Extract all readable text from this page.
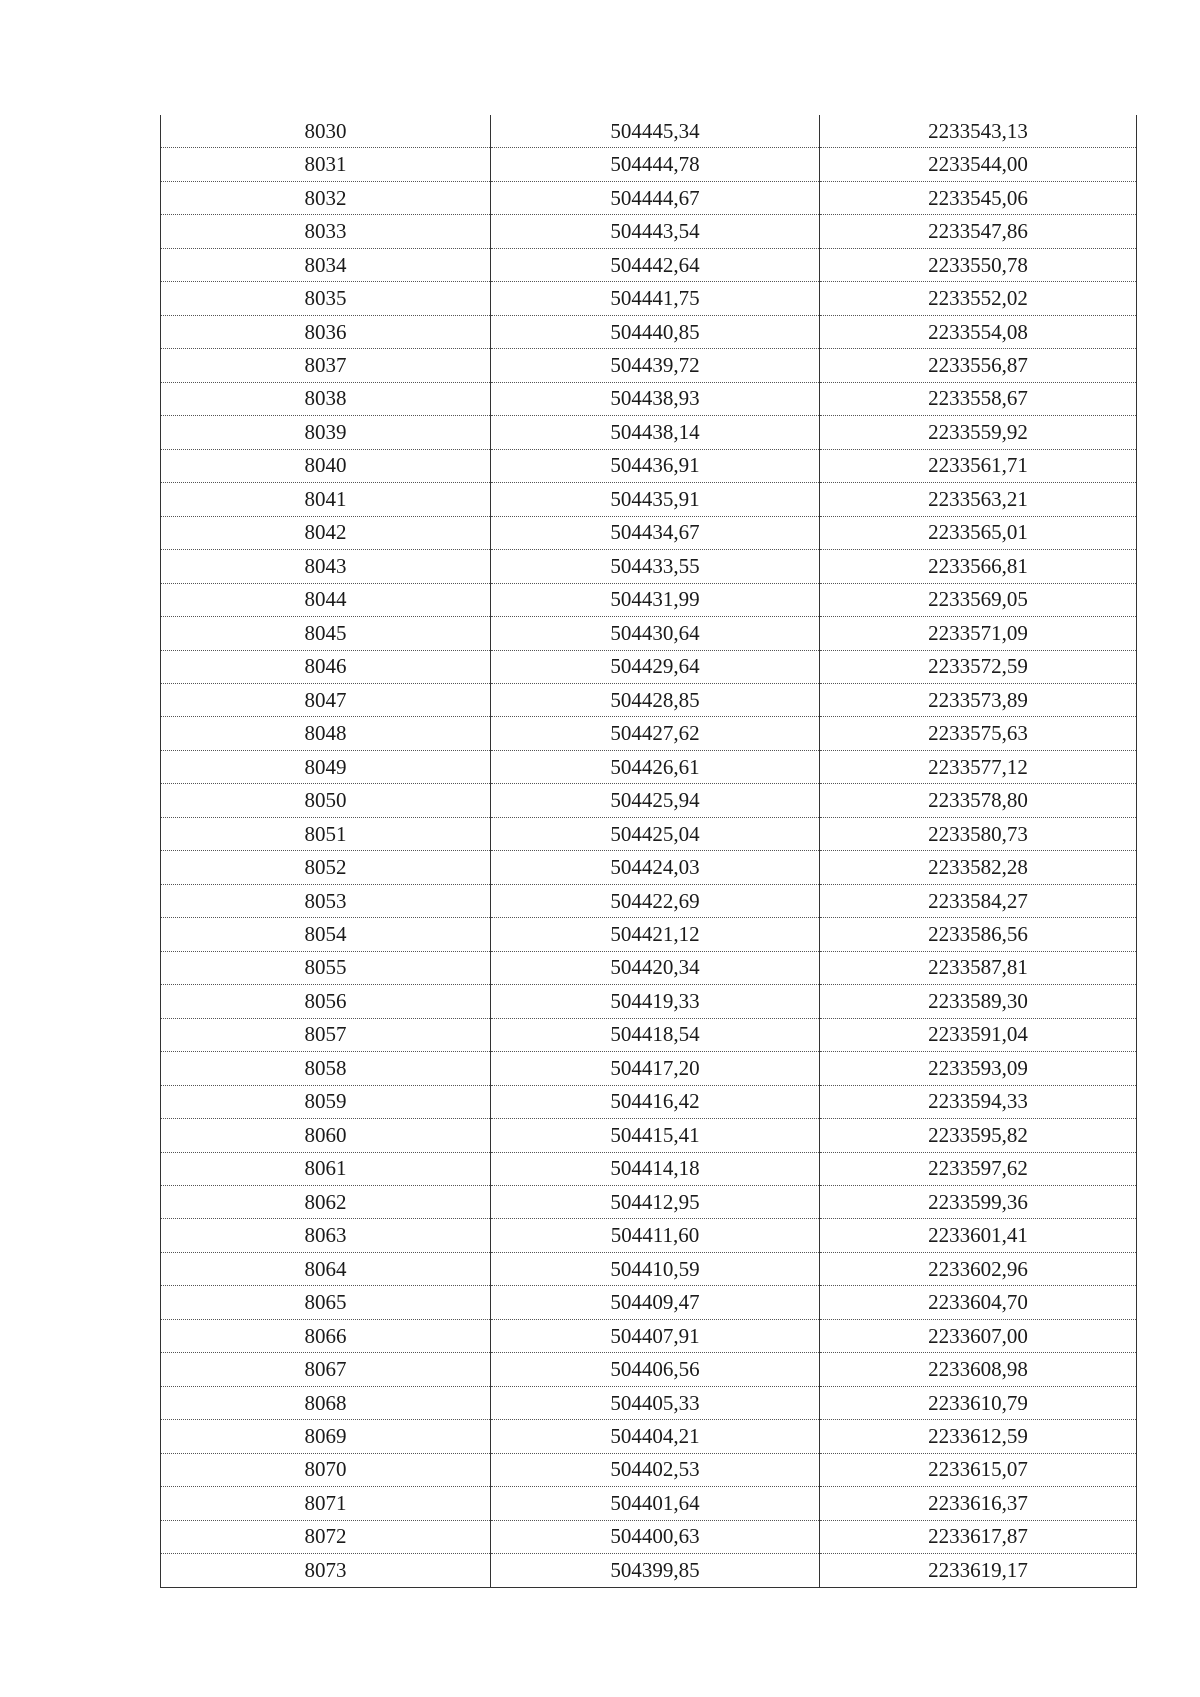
8030	504445,34	2233543,13
8031	504444,78	2233544,00
8032	504444,67	2233545,06
8033	504443,54	2233547,86
8034	504442,64	2233550,78
8035	504441,75	2233552,02
8036	504440,85	2233554,08
8037	504439,72	2233556,87
8038	504438,93	2233558,67
8039	504438,14	2233559,92
8040	504436,91	2233561,71
8041	504435,91	2233563,21
8042	504434,67	2233565,01
8043	504433,55	2233566,81
8044	504431,99	2233569,05
8045	504430,64	2233571,09
8046	504429,64	2233572,59
8047	504428,85	2233573,89
8048	504427,62	2233575,63
8049	504426,61	2233577,12
8050	504425,94	2233578,80
8051	504425,04	2233580,73
8052	504424,03	2233582,28
8053	504422,69	2233584,27
8054	504421,12	2233586,56
8055	504420,34	2233587,81
8056	504419,33	2233589,30
8057	504418,54	2233591,04
8058	504417,20	2233593,09
8059	504416,42	2233594,33
8060	504415,41	2233595,82
8061	504414,18	2233597,62
8062	504412,95	2233599,36
8063	504411,60	2233601,41
8064	504410,59	2233602,96
8065	504409,47	2233604,70
8066	504407,91	2233607,00
8067	504406,56	2233608,98
8068	504405,33	2233610,79
8069	504404,21	2233612,59
8070	504402,53	2233615,07
8071	504401,64	2233616,37
8072	504400,63	2233617,87
8073	504399,85	2233619,17
